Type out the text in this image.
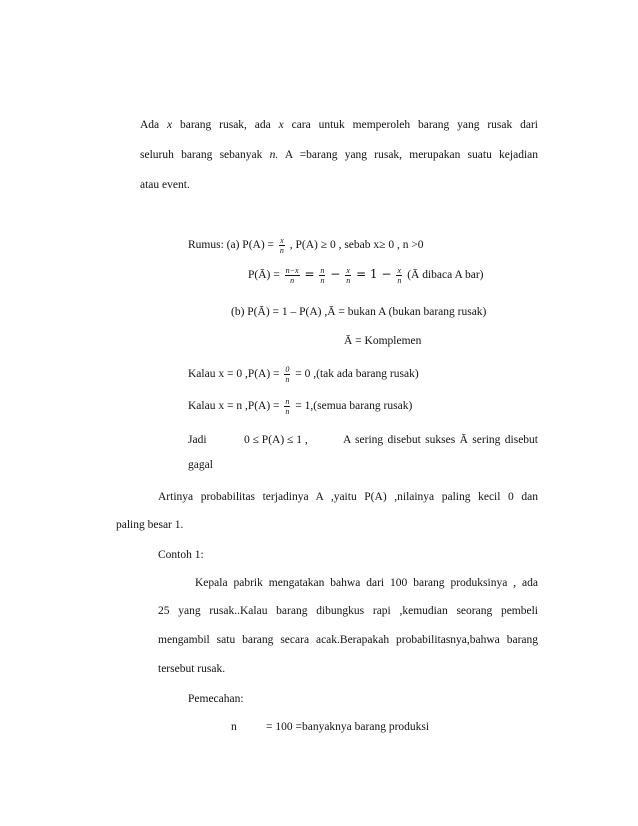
Ada x barang rusak, ada x cara untuk memperoleh barang yang rusak dari
seluruh barang sebanyak n. A =barang yang rusak, merupakan suatu kejadian
atau event.
Rumus: (a) $P(A) = \frac{x}{n}$ , P(A) ≥ 0 , sebab x≥ 0 , n >0
P(Ā) = $\frac{n-x}{n} = \frac{n}{n} - \frac{x}{n} = 1 - \frac{x}{n}$ (Ā dibaca A bar)
(b) P(Ā) = 1 – P(A) ,Ā = bukan A (bukan barang rusak)
Ā = Komplemen
Kalau x = 0 $,P(A) = \frac{0}{n} = 0$ ,(tak ada barang rusak)
Kalau x = n $,P(A) = \frac{n}{n}$ = 1,(semua barang rusak)
Jadi	0 ≤ P(A) ≤ 1 ,	A sering disebut sukses Ā sering disebut
gagal
Artinya probabilitas terjadinya A ,yaitu P(A) ,nilainya paling kecil 0 dan
paling besar 1.
Contoh 1:
Kepala pabrik mengatakan bahwa dari 100 barang produksinya , ada
25 yang rusak..Kalau barang dibungkus rapi ,kemudian seorang pembeli
mengambil satu barang secara acak.Berapakah probabilitasnya,bahwa barang
tersebut rusak.
Pemecahan:
n	= 100 =banyaknya barang produksi
